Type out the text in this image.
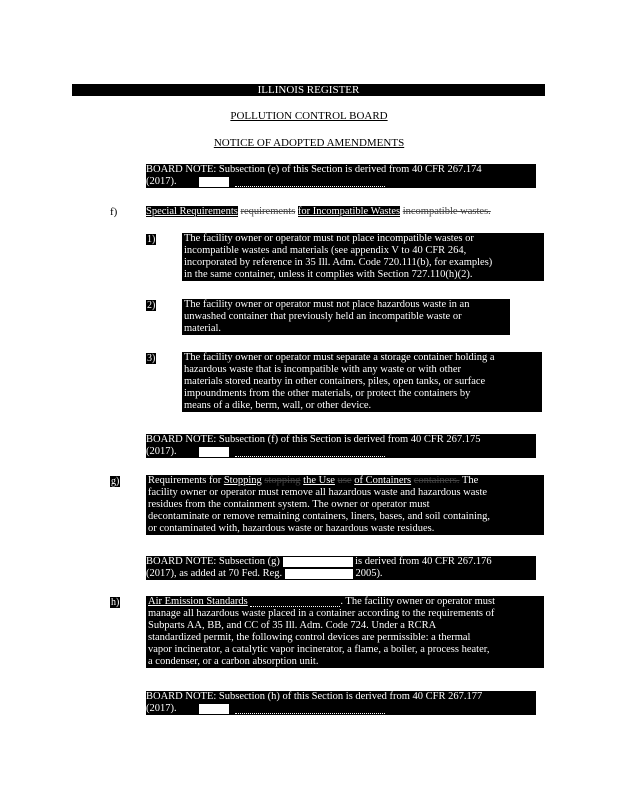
ILLINOIS REGISTER
POLLUTION CONTROL BOARD
NOTICE OF ADOPTED AMENDMENTS
BOARD NOTE: Subsection (e) of this Section is derived from 40 CFR 267.174
(2017).
f)	Special Requirements requirements for Incompatible Wastes incompatible wastes.
1)	The facility owner or operator must not place incompatible wastes or
incompatible wastes and materials (see appendix V to 40 CFR 264,
incorporated by reference in 35 Ill. Adm. Code 720.111(b), for examples)
in the same container, unless it complies with Section 727.110(h)(2).
2)	The facility owner or operator must not place hazardous waste in an
unwashed container that previously held an incompatible waste or
material.
3)	The facility owner or operator must separate a storage container holding a
hazardous waste that is incompatible with any waste or with other
materials stored nearby in other containers, piles, open tanks, or surface
impoundments from the other materials, or protect the containers by
means of a dike, berm, wall, or other device.
BOARD NOTE: Subsection (f) of this Section is derived from 40 CFR 267.175
(2017).
g)	Requirements for Stopping stopping the Use use of Containers containers. The
facility owner or operator must remove all hazardous waste and hazardous waste
residues from the containment system. The owner or operator must
decontaminate or remove remaining containers, liners, bases, and soil containing,
or contaminated with, hazardous waste or hazardous waste residues.
BOARD NOTE: Subsection (g)	is derived from 40 CFR 267.176
(2017), as added at 70 Fed. Reg.	2005).
h)	Air Emission Standards	. The facility owner or operator must
manage all hazardous waste placed in a container according to the requirements of
Subparts AA, BB, and CC of 35 Ill. Adm. Code 724. Under a RCRA
standardized permit, the following control devices are permissible: a thermal
vapor incinerator, a catalytic vapor incinerator, a flame, a boiler, a process heater,
a condenser, or a carbon absorption unit.
BOARD NOTE: Subsection (h) of this Section is derived from 40 CFR 267.177
(2017).
